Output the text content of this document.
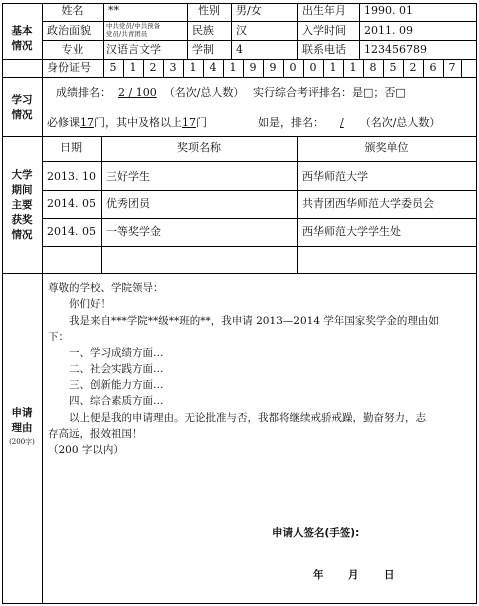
基本
情况
学习
情况
大学
期间
主要
获奖
情况
申请
理由
(200字)
姓名	**	性别	男/女	出生年月 1990. 01
政治面貌 中共党员/中共预备
党员/共青团员	民族 汉	入学时间 2011. 09
专业	汉语言文学	学制 4	联系电话 123456789
身份证号	5	1	2	3	1	4	1	9	9	0	0	1	1	8	5	2	6	7
成绩排名： 2 / 100 （名次/总人数） 实行综合考评排名：是□；否□
必修课17门，其中及格以上17门	如是，排名： / （名次/总人数）
日期	奖项名称	颁奖单位
2013. 10 三好学生	西华师范大学
2014. 05 优秀团员	共青团西华师范大学委员会
2014. 05 一等奖学金	西华师范大学学生处
尊敬的学校、学院领导：
　　你们好！
　　我是来自***学院**级**班的**，我申请 2013—2014 学年国家奖学金的理由如
下：
　　一、学习成绩方面…
　　二、社会实践方面…
　　三、创新能力方面…
　　四、综合素质方面…
　　以上便是我的申请理由。无论批准与否，我都将继续戒骄戒躁，勤奋努力，志
存高远，报效祖国！
（200 字以内）
申请人签名(手签):
年 月 日
